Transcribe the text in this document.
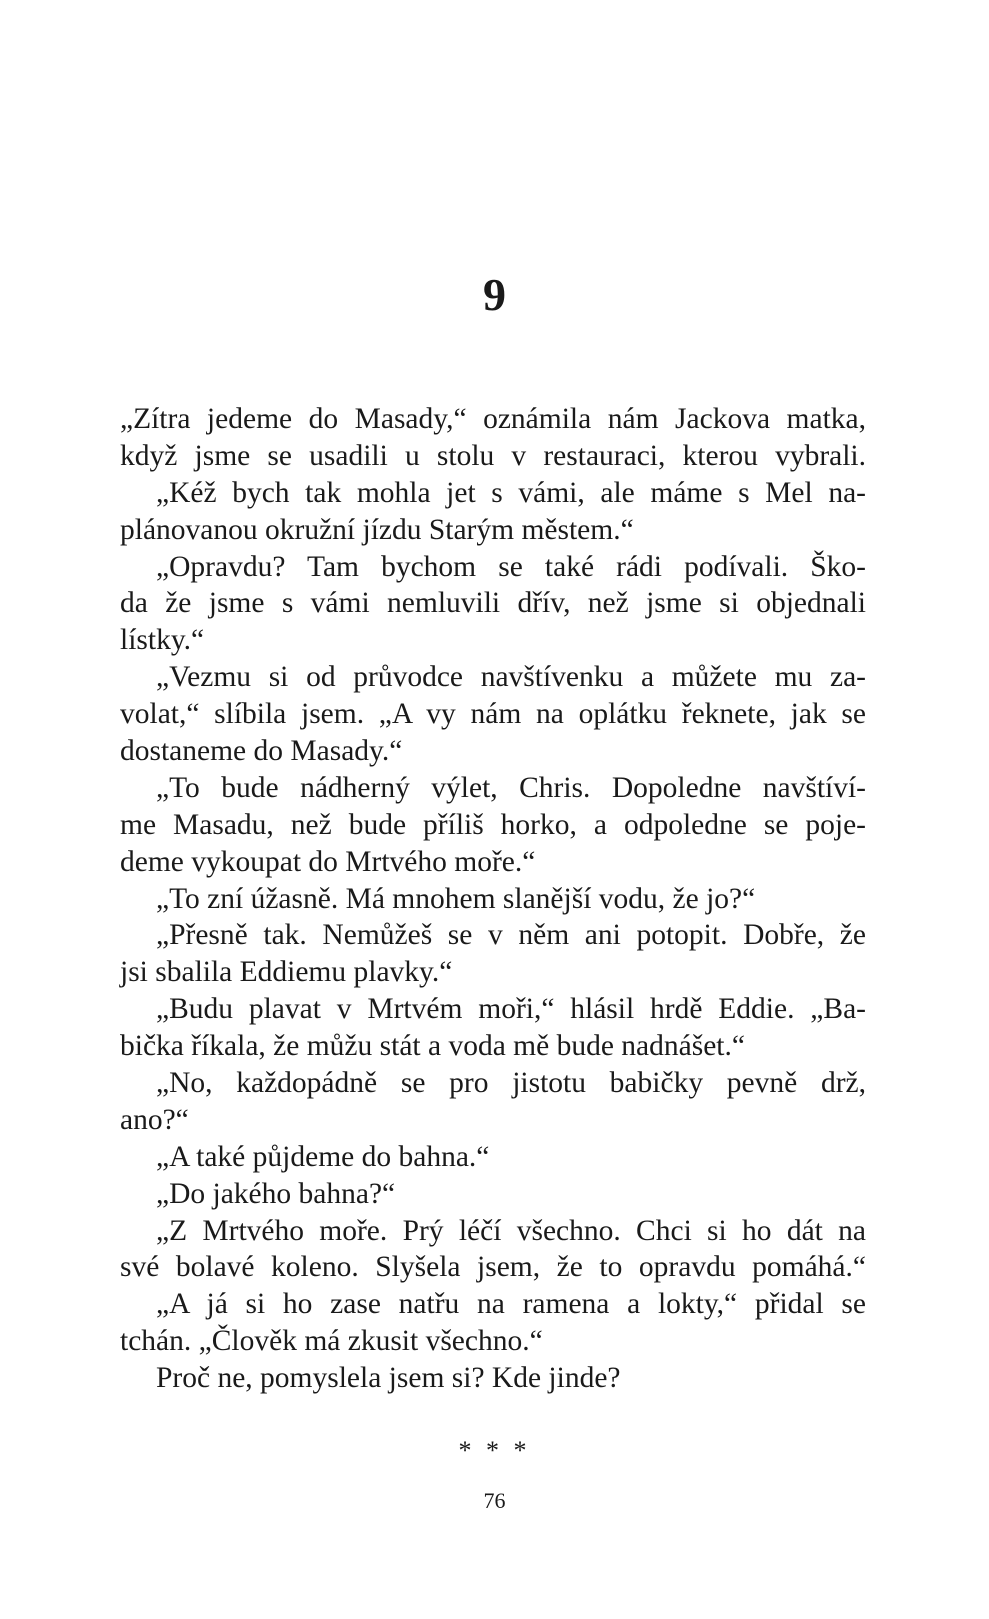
9
„Zítra jedeme do Masady,“ oznámila nám Jackova matka,
když jsme se usadili u stolu v restauraci, kterou vybrali.
„Kéž bych tak mohla jet s vámi, ale máme s Mel na-
plánovanou okružní jízdu Starým městem.“
„Opravdu? Tam bychom se také rádi podívali. Ško-
da že jsme s vámi nemluvili dřív, než jsme si objednali
lístky.“
„Vezmu si od průvodce navštívenku a můžete mu za-
volat,“ slíbila jsem. „A vy nám na oplátku řeknete, jak se
dostaneme do Masady.“
„To bude nádherný výlet, Chris. Dopoledne navštíví-
me Masadu, než bude příliš horko, a odpoledne se poje-
deme vykoupat do Mrtvého moře.“
„To zní úžasně. Má mnohem slanější vodu, že jo?“
„Přesně tak. Nemůžeš se v něm ani potopit. Dobře, že
jsi sbalila Eddiemu plavky.“
„Budu plavat v Mrtvém moři,“ hlásil hrdě Eddie. „Ba-
bička říkala, že můžu stát a voda mě bude nadnášet.“
„No, každopádně se pro jistotu babičky pevně drž,
ano?“
„A také půjdeme do bahna.“
„Do jakého bahna?“
„Z Mrtvého moře. Prý léčí všechno. Chci si ho dát na
své bolavé koleno. Slyšela jsem, že to opravdu pomáhá.“
„A já si ho zase natřu na ramena a lokty,“ přidal se
tchán. „Člověk má zkusit všechno.“
Proč ne, pomyslela jsem si? Kde jinde?
* * *
76
